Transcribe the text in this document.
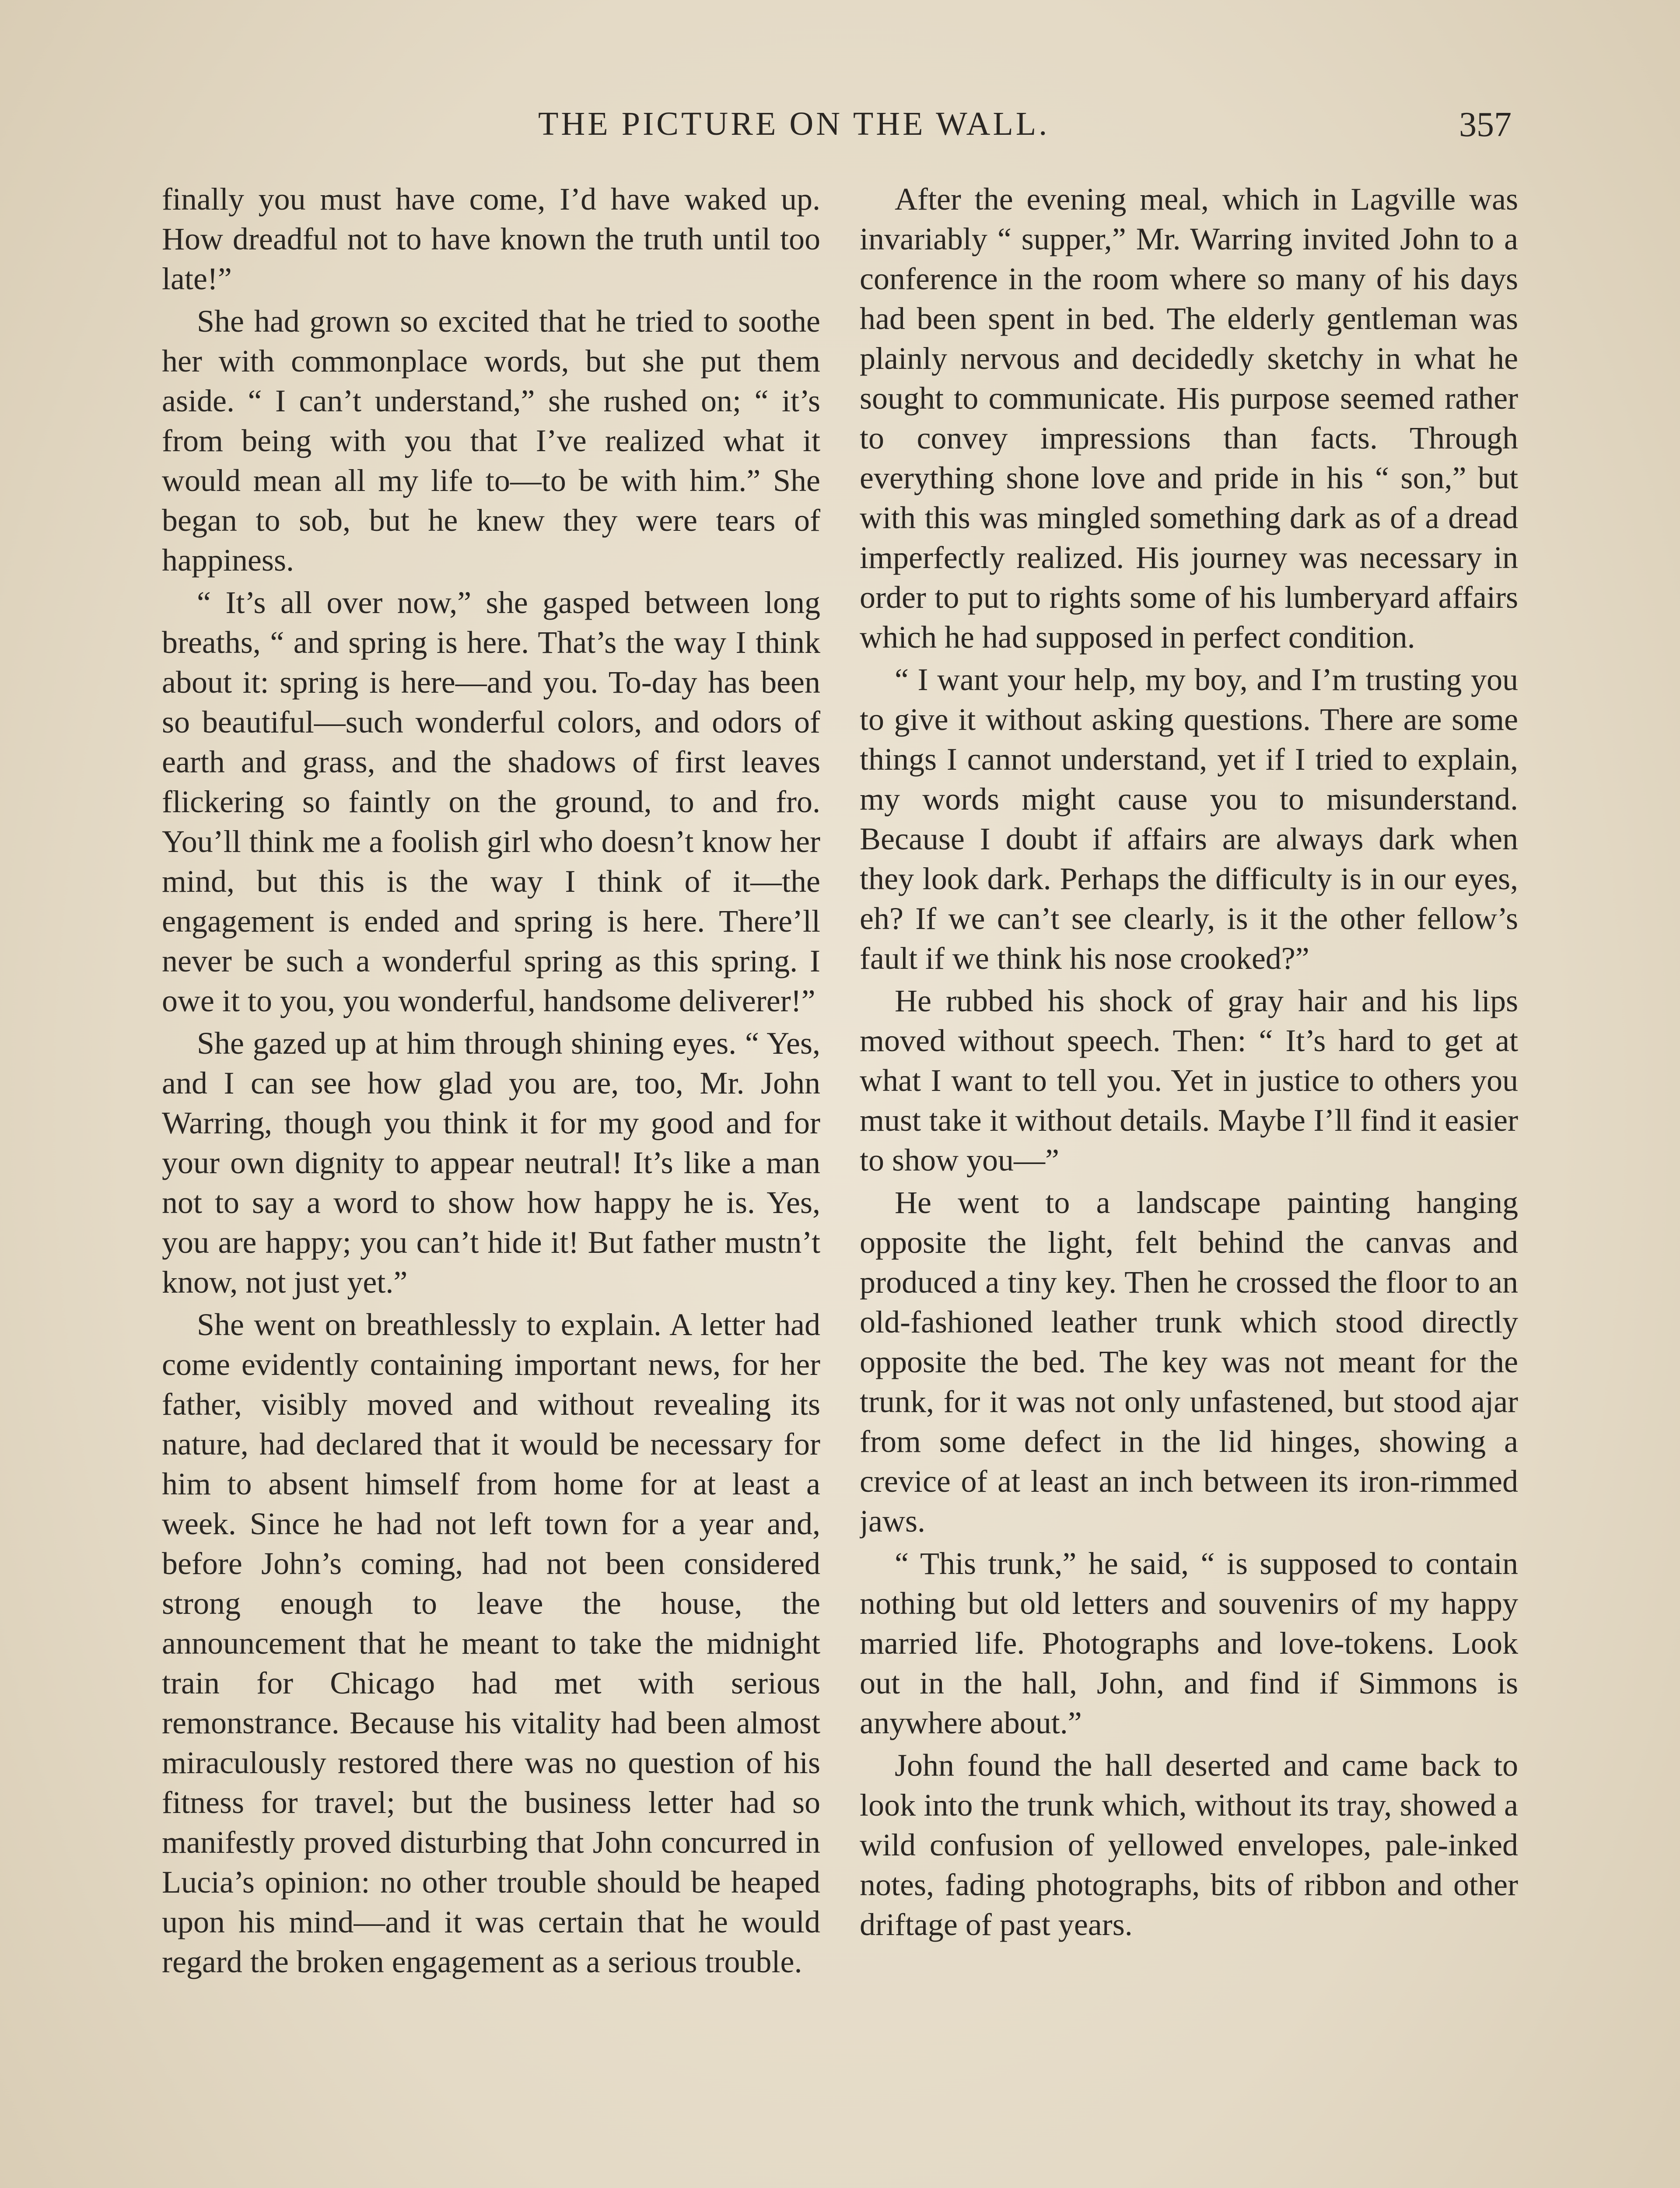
THE PICTURE ON THE WALL.	357

finally you must have come, I’d have waked up. How dreadful not to have known the truth until too late!”

She had grown so excited that he tried to soothe her with commonplace words, but she put them aside. “ I can’t understand,” she rushed on; “ it’s from being with you that I’ve realized what it would mean all my life to—to be with him.” She began to sob, but he knew they were tears of happiness.

“ It’s all over now,” she gasped between long breaths, “ and spring is here. That’s the way I think about it: spring is here—and you. To-day has been so beautiful—such wonderful colors, and odors of earth and grass, and the shadows of first leaves flickering so faintly on the ground, to and fro. You’ll think me a foolish girl who doesn’t know her mind, but this is the way I think of it—the engagement is ended and spring is here. There’ll never be such a wonderful spring as this spring. I owe it to you, you wonderful, handsome deliverer!”

She gazed up at him through shining eyes. “ Yes, and I can see how glad you are, too, Mr. John Warring, though you think it for my good and for your own dignity to appear neutral! It’s like a man not to say a word to show how happy he is. Yes, you are happy; you can’t hide it! But father mustn’t know, not just yet.”

She went on breathlessly to explain. A letter had come evidently containing important news, for her father, visibly moved and without revealing its nature, had declared that it would be necessary for him to absent himself from home for at least a week. Since he had not left town for a year and, before John’s coming, had not been considered strong enough to leave the house, the announcement that he meant to take the midnight train for Chicago had met with serious remonstrance. Because his vitality had been almost miraculously restored there was no question of his fitness for travel; but the business letter had so manifestly proved disturbing that John concurred in Lucia’s opinion: no other trouble should be heaped upon his mind—and it was certain that he would regard the broken engagement as a serious trouble.

After the evening meal, which in Lagville was invariably “ supper,” Mr. Warring invited John to a conference in the room where so many of his days had been spent in bed. The elderly gentleman was plainly nervous and decidedly sketchy in what he sought to communicate. His purpose seemed rather to convey impressions than facts. Through everything shone love and pride in his “ son,” but with this was mingled something dark as of a dread imperfectly realized. His journey was necessary in order to put to rights some of his lumberyard affairs which he had supposed in perfect condition.

“ I want your help, my boy, and I’m trusting you to give it without asking questions. There are some things I cannot understand, yet if I tried to explain, my words might cause you to misunderstand. Because I doubt if affairs are always dark when they look dark. Perhaps the difficulty is in our eyes, eh? If we can’t see clearly, is it the other fellow’s fault if we think his nose crooked?”

He rubbed his shock of gray hair and his lips moved without speech. Then: “ It’s hard to get at what I want to tell you. Yet in justice to others you must take it without details. Maybe I’ll find it easier to show you—”

He went to a landscape painting hanging opposite the light, felt behind the canvas and produced a tiny key. Then he crossed the floor to an old-fashioned leather trunk which stood directly opposite the bed. The key was not meant for the trunk, for it was not only unfastened, but stood ajar from some defect in the lid hinges, showing a crevice of at least an inch between its iron-rimmed jaws.

“ This trunk,” he said, “ is supposed to contain nothing but old letters and souvenirs of my happy married life. Photographs and love-tokens. Look out in the hall, John, and find if Simmons is anywhere about.”

John found the hall deserted and came back to look into the trunk which, without its tray, showed a wild confusion of yellowed envelopes, pale-inked notes, fading photographs, bits of ribbon and other driftage of past years.
